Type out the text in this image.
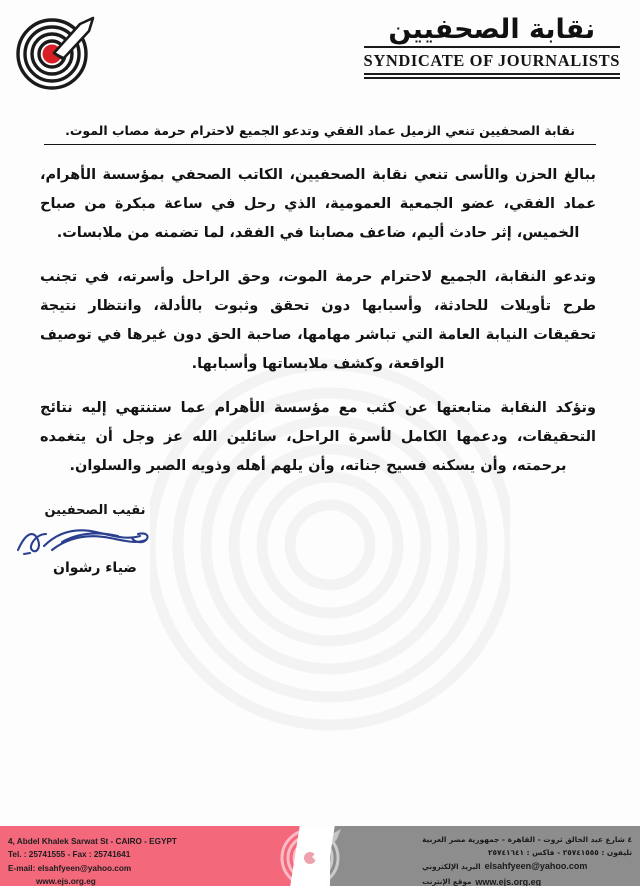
نقابة الصحفيين
SYNDICATE OF JOURNALISTS
نقابة الصحفيين تنعي الزميل عماد الفقي وتدعو الجميع لاحترام حرمة مصاب الموت.

ببالغ الحزن والأسى تنعي نقابة الصحفيين، الكاتب الصحفي بمؤسسة الأهرام، عماد الفقي، عضو الجمعية العمومية، الذي رحل في ساعة مبكرة من صباح الخميس، إثر حادث أليم، ضاعف مصابنا في الفقد، لما تضمنه من ملابسات.

وتدعو النقابة، الجميع لاحترام حرمة الموت، وحق الراحل وأسرته، في تجنب طرح تأويلات للحادثة، وأسبابها دون تحقق وثبوت بالأدلة، وانتظار نتيجة تحقيقات النيابة العامة التي تباشر مهامها، صاحبة الحق دون غيرها في توصيف الواقعة، وكشف ملابساتها وأسبابها.

وتؤكد النقابة متابعتها عن كثب مع مؤسسة الأهرام عما ستنتهي إليه نتائج التحقيقات، ودعمها الكامل لأسرة الراحل، سائلين الله عز وجل أن يتغمده برحمته، وأن يسكنه فسيح جناته، وأن يلهم أهله وذويه الصبر والسلوان.

نقيب الصحفيين
ضياء رشوان
4, Abdel Khalek Sarwat St - CAIRO - EGYPT
Tel. : 25741555 - Fax : 25741641
E-mail: elsahfyeen@yahoo.com
www.ejs.org.eg
٤ شارع عبد الخالق ثروت - القاهرة - جمهورية مصر العربية
تليفون : ٢٥٧٤١٥٥٥ - فاكس : ٢٥٧٤١٦٤١
elsahfyeen@yahoo.com
البريد الإلكتروني
www.ejs.org.eg
موقع الإنترنت
